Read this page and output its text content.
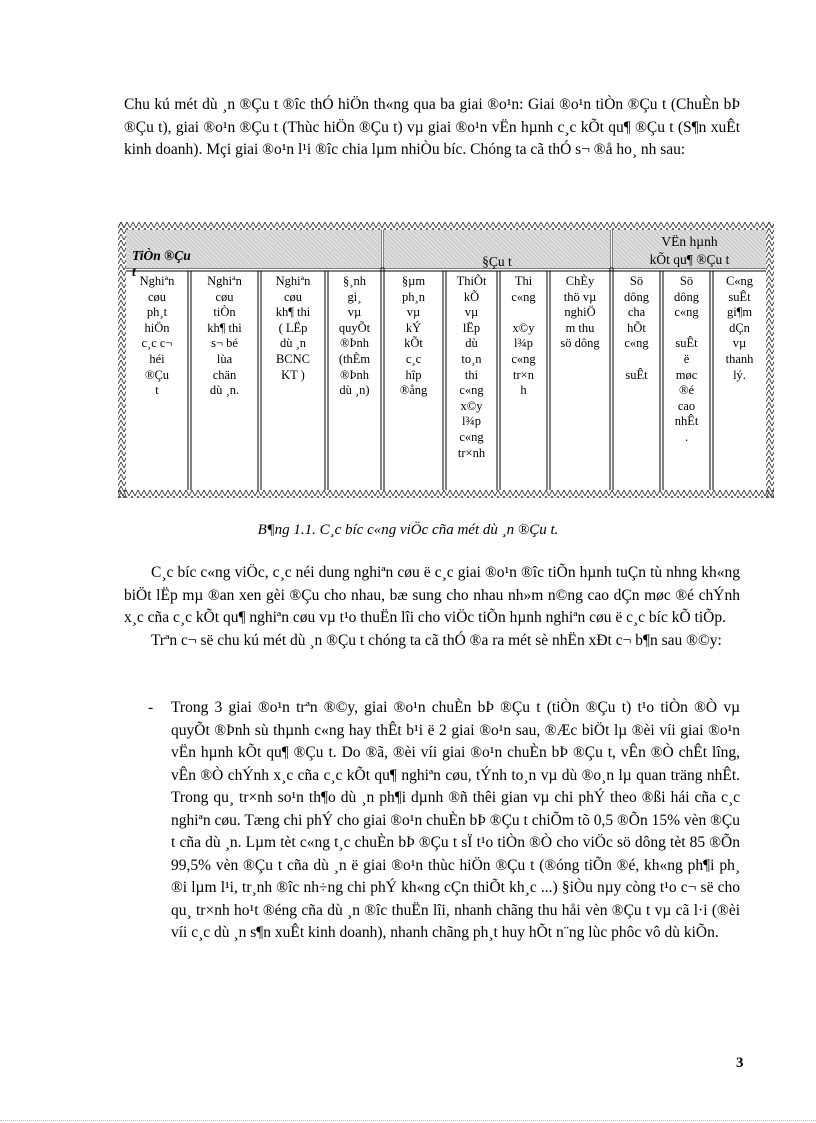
Chu kú mét dù ¸n ®Çu t ®îc thÓ hiÖn th«ng qua ba giai ®o¹n: Giai ®o¹n tiÒn ®Çu t (ChuÈn bÞ ®Çu t), giai ®o¹n ®Çu t (Thùc hiÖn ®Çu t) vµ giai ®o¹n vËn hµnh c¸c kÕt qu¶ ®Çu t (S¶n xuÊt kinh doanh). Mçi giai ®o¹n l¹i ®îc chia lµm nhiÒu bíc. Chóng ta cã thÓ s¬ ®å ho¸ nh sau:

TiÒn ®Çu t
§Çu t
VËn hµnh
kÕt qu¶ ®Çu t
Nghiªn
cøu
ph¸t
hiÖn
c¸c c¬
héi
®Çu
t
Nghiªn
cøu
tiÒn
kh¶ thi
s¬ bé
lùa
chän
dù ¸n.
Nghiªn
cøu
kh¶ thi
( LËp
dù ¸n
BCNC
KT )
§¸nh
gi¸
vµ
quyÕt
®Þnh
(thÈm
®Þnh
dù ¸n)
§µm
ph¸n
vµ
kÝ
kÕt
c¸c
hîp
®ång
ThiÕt
kÕ
vµ
lËp
dù
to¸n
thi
c«ng
x©y
l¾p
c«ng
tr×nh
Thi
c«ng

x©y
l¾p
c«ng
tr×n
h
ChÈy
thö vµ
nghiÖ
m thu
sö dông
Sö
dông
cha
hÕt
c«ng

suÊt
Sö
dông
c«ng

suÊt
ë
møc
®é
cao
nhÊt
.
C«ng
suÊt
gi¶m
dÇn
vµ
thanh
lý.
B¶ng 1.1. C¸c bíc c«ng viÖc cña mét dù ¸n ®Çu t.

C¸c bíc c«ng viÖc, c¸c néi dung nghiªn cøu ë c¸c giai ®o¹n ®îc tiÕn hµnh tuÇn tù nhng kh«ng biÖt lËp mµ ®an xen gèi ®Çu cho nhau, bæ sung cho nhau nh»m n©ng cao dÇn møc ®é chÝnh x¸c cña c¸c kÕt qu¶ nghiªn cøu vµ t¹o thuËn lîi cho viÖc tiÕn hµnh nghiªn cøu ë c¸c bíc kÕ tiÕp.

Trªn c¬ së chu kú mét dù ¸n ®Çu t chóng ta cã thÓ ®a ra mét sè nhËn xÐt c¬ b¶n sau ®©y:

- Trong 3 giai ®o¹n trªn ®©y, giai ®o¹n chuÈn bÞ ®Çu t (tiÒn ®Çu t) t¹o tiÒn ®Ò vµ quyÕt ®Þnh sù thµnh c«ng hay thÊt b¹i ë 2 giai ®o¹n sau, ®Æc biÖt lµ ®èi víi giai ®o¹n vËn hµnh kÕt qu¶ ®Çu t. Do ®ã, ®èi víi giai ®o¹n chuÈn bÞ ®Çu t, vÊn ®Ò chÊt lîng, vÊn ®Ò chÝnh x¸c cña c¸c kÕt qu¶ nghiªn cøu, tÝnh to¸n vµ dù ®o¸n lµ quan träng nhÊt. Trong qu¸ tr×nh so¹n th¶o dù ¸n ph¶i dµnh ®ñ thêi gian vµ chi phÝ theo ®ßi hái cña c¸c nghiªn cøu. Tæng chi phÝ cho giai ®o¹n chuÈn bÞ ®Çu t chiÕm tõ 0,5 ®Õn 15% vèn ®Çu t cña dù ¸n. Lµm tèt c«ng t¸c chuÈn bÞ ®Çu t sÏ t¹o tiÒn ®Ò cho viÖc sö dông tèt 85 ®Õn 99,5% vèn ®Çu t cña dù ¸n ë giai ®o¹n thùc hiÖn ®Çu t (®óng tiÕn ®é, kh«ng ph¶i ph¸ ®i lµm l¹i, tr¸nh ®îc nh÷ng chi phÝ kh«ng cÇn thiÕt kh¸c ...) §iÒu nµy còng t¹o c¬ së cho qu¸ tr×nh ho¹t ®éng cña dù ¸n ®îc thuËn lîi, nhanh chãng thu håi vèn ®Çu t vµ cã l·i (®èi víi c¸c dù ¸n s¶n xuÊt kinh doanh), nhanh chãng ph¸t huy hÕt n¨ng lùc phôc vô dù kiÕn.

3
